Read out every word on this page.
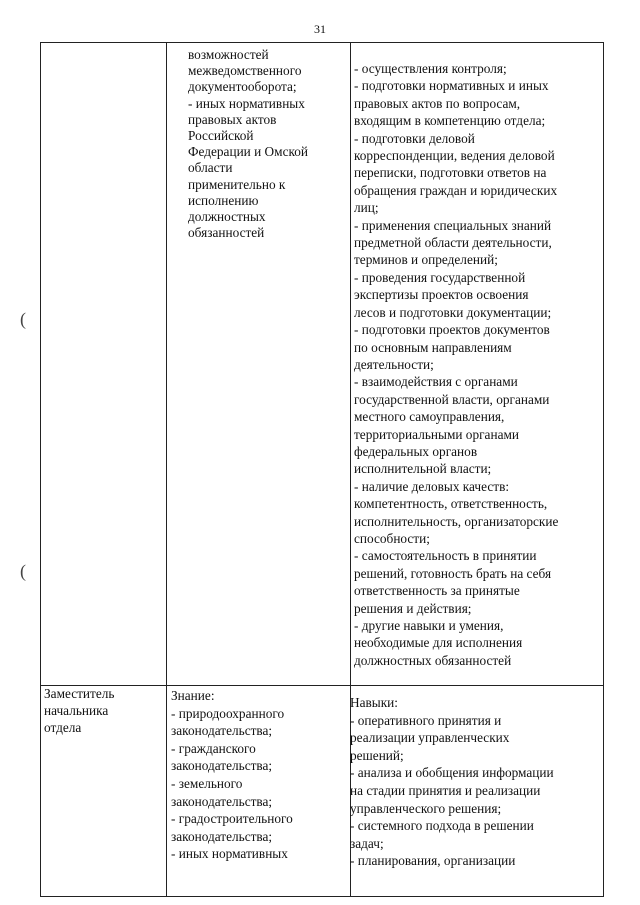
31
(
(
возможностей
межведомственного
документооборота;
- иных нормативных
правовых актов
Российской
Федерации и Омской
области
применительно к
исполнению
должностных
обязанностей
- осуществления контроля;
- подготовки нормативных и иных
правовых актов по вопросам,
входящим в компетенцию отдела;
- подготовки деловой
корреспонденции, ведения деловой
переписки, подготовки ответов на
обращения граждан и юридических
лиц;
- применения специальных знаний
предметной области деятельности,
терминов и определений;
- проведения государственной
экспертизы проектов освоения
лесов и подготовки документации;
- подготовки проектов документов
по основным направлениям
деятельности;
- взаимодействия с органами
государственной власти, органами
местного самоуправления,
территориальными органами
федеральных органов
исполнительной власти;
- наличие деловых качеств:
компетентность, ответственность,
исполнительность, организаторские
способности;
- самостоятельность в принятии
решений, готовность брать на себя
ответственность за принятые
решения и действия;
- другие навыки и умения,
необходимые для исполнения
должностных обязанностей
Заместитель
начальника
отдела
Знание:
- природоохранного
законодательства;
- гражданского
законодательства;
- земельного
законодательства;
- градостроительного
законодательства;
- иных нормативных
Навыки:
- оперативного принятия и
реализации управленческих
решений;
- анализа и обобщения информации
на стадии принятия и реализации
управленческого решения;
- системного подхода в решении
задач;
- планирования, организации
